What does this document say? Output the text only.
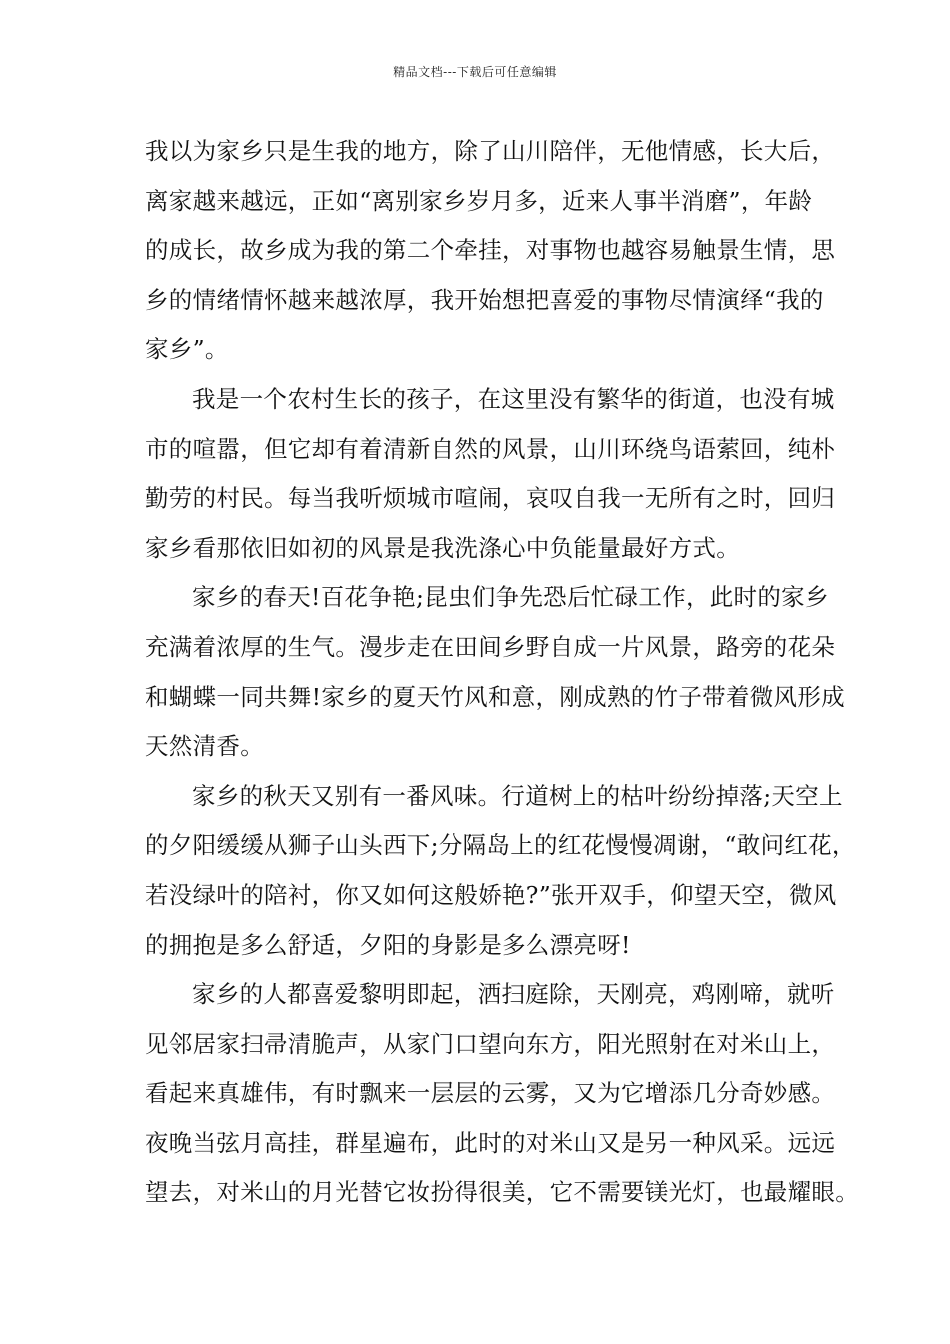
精品文档---下载后可任意编辑
我以为家乡只是生我的地方，除了山川陪伴，无他情感，长大后，
离家越来越远，正如“离别家乡岁月多，近来人事半消磨”，年龄
的成长，故乡成为我的第二个牵挂，对事物也越容易触景生情，思
乡的情绪情怀越来越浓厚，我开始想把喜爱的事物尽情演绎“我的
家乡”。
我是一个农村生长的孩子，在这里没有繁华的街道，也没有城
市的喧嚣，但它却有着清新自然的风景，山川环绕鸟语萦回，纯朴
勤劳的村民。每当我听烦城市喧闹，哀叹自我一无所有之时，回归
家乡看那依旧如初的风景是我洗涤心中负能量最好方式。
家乡的春天!百花争艳;昆虫们争先恐后忙碌工作，此时的家乡
充满着浓厚的生气。漫步走在田间乡野自成一片风景，路旁的花朵
和蝴蝶一同共舞!家乡的夏天竹风和意，刚成熟的竹子带着微风形成
天然清香。
家乡的秋天又别有一番风味。行道树上的枯叶纷纷掉落;天空上
的夕阳缓缓从狮子山头西下;分隔岛上的红花慢慢凋谢，“敢问红花，
若没绿叶的陪衬，你又如何这般娇艳?”张开双手，仰望天空，微风
的拥抱是多么舒适，夕阳的身影是多么漂亮呀!
家乡的人都喜爱黎明即起，洒扫庭除，天刚亮，鸡刚啼，就听
见邻居家扫帚清脆声，从家门口望向东方，阳光照射在对米山上，
看起来真雄伟，有时飘来一层层的云雾，又为它增添几分奇妙感。
夜晚当弦月高挂，群星遍布，此时的对米山又是另一种风采。远远
望去，对米山的月光替它妆扮得很美，它不需要镁光灯，也最耀眼。
